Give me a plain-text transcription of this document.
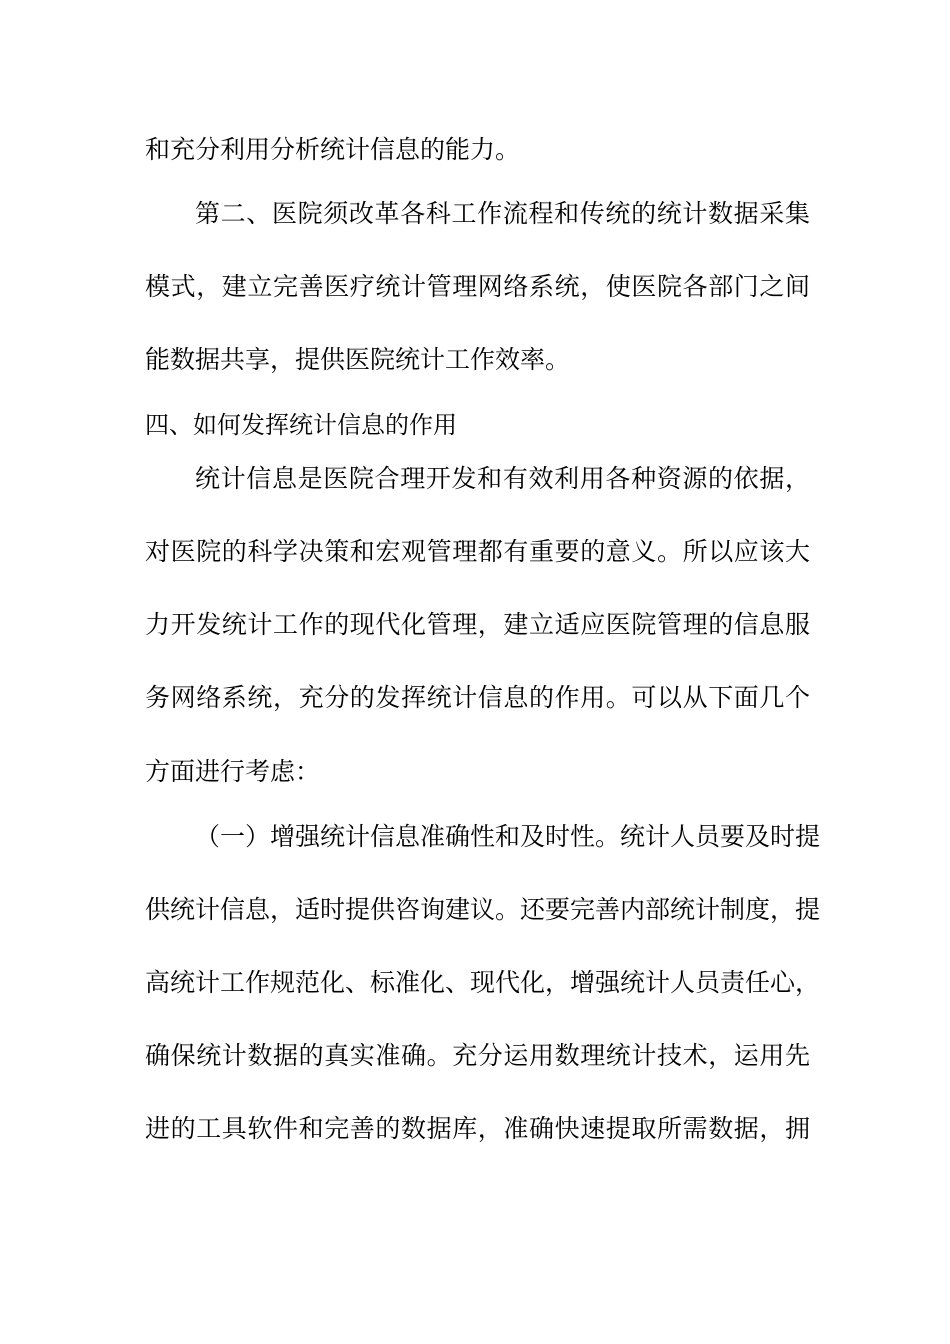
和充分利用分析统计信息的能力。
第二、医院须改革各科工作流程和传统的统计数据采集
模式，建立完善医疗统计管理网络系统，使医院各部门之间
能数据共享，提供医院统计工作效率。
四、如何发挥统计信息的作用
统计信息是医院合理开发和有效利用各种资源的依据，
对医院的科学决策和宏观管理都有重要的意义。所以应该大
力开发统计工作的现代化管理，建立适应医院管理的信息服
务网络系统，充分的发挥统计信息的作用。可以从下面几个
方面进行考虑：
（一）增强统计信息准确性和及时性。统计人员要及时提
供统计信息，适时提供咨询建议。还要完善内部统计制度，提
高统计工作规范化、标准化、现代化，增强统计人员责任心，
确保统计数据的真实准确。充分运用数理统计技术，运用先
进的工具软件和完善的数据库，准确快速提取所需数据，拥
